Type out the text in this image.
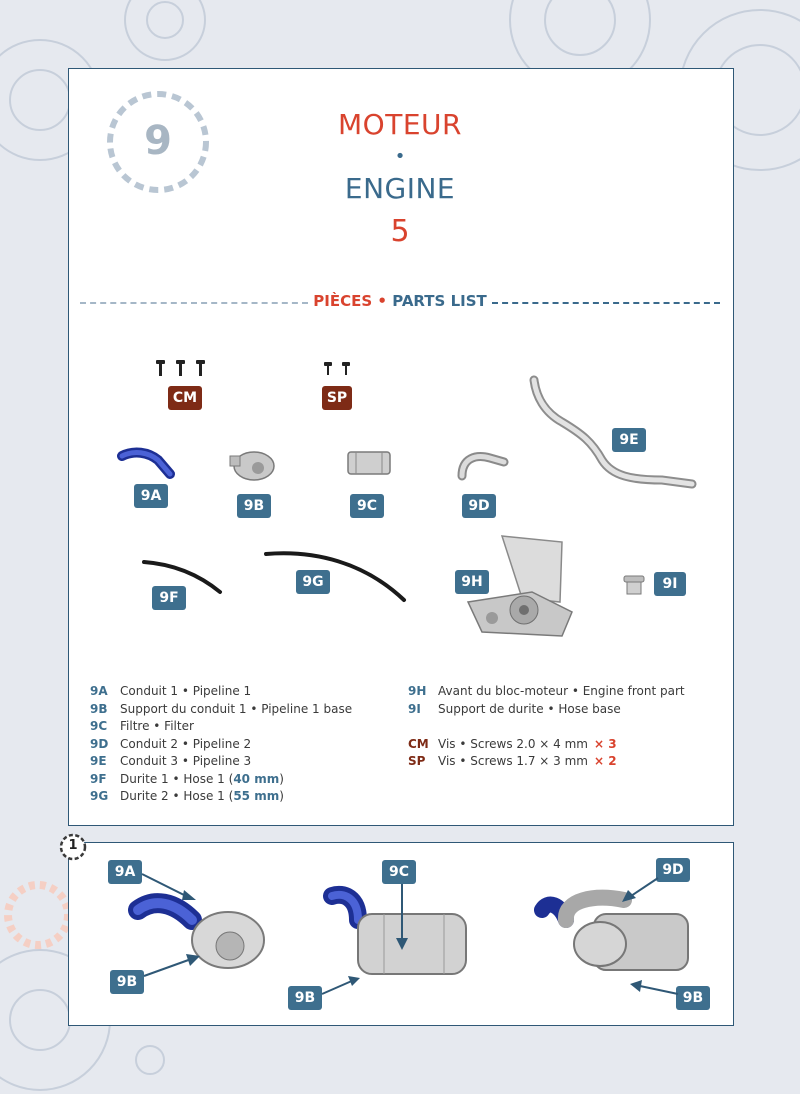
9	MOTEUR
•
ENGINE
5
PIÈCES • PARTS LIST
CM	SP
9E
9A
9B	9C	9D
9F
9G	9H	9I
9A Conduit 1 • Pipeline 1
9B Support du conduit 1 • Pipeline 1 base
9C Filtre • Filter
9D Conduit 2 • Pipeline 2
9E Conduit 3 • Pipeline 3
9F Durite 1 • Hose 1 (40 mm)
9G Durite 2 • Hose 1 (55 mm)
9H Avant du bloc-moteur • Engine front part
9I Support de durite • Hose base
CM Vis • Screws 2.0 × 4 mm × 3
SP Vis • Screws 1.7 × 3 mm × 2
1
9A
9B
9C
9B
9D
9B
